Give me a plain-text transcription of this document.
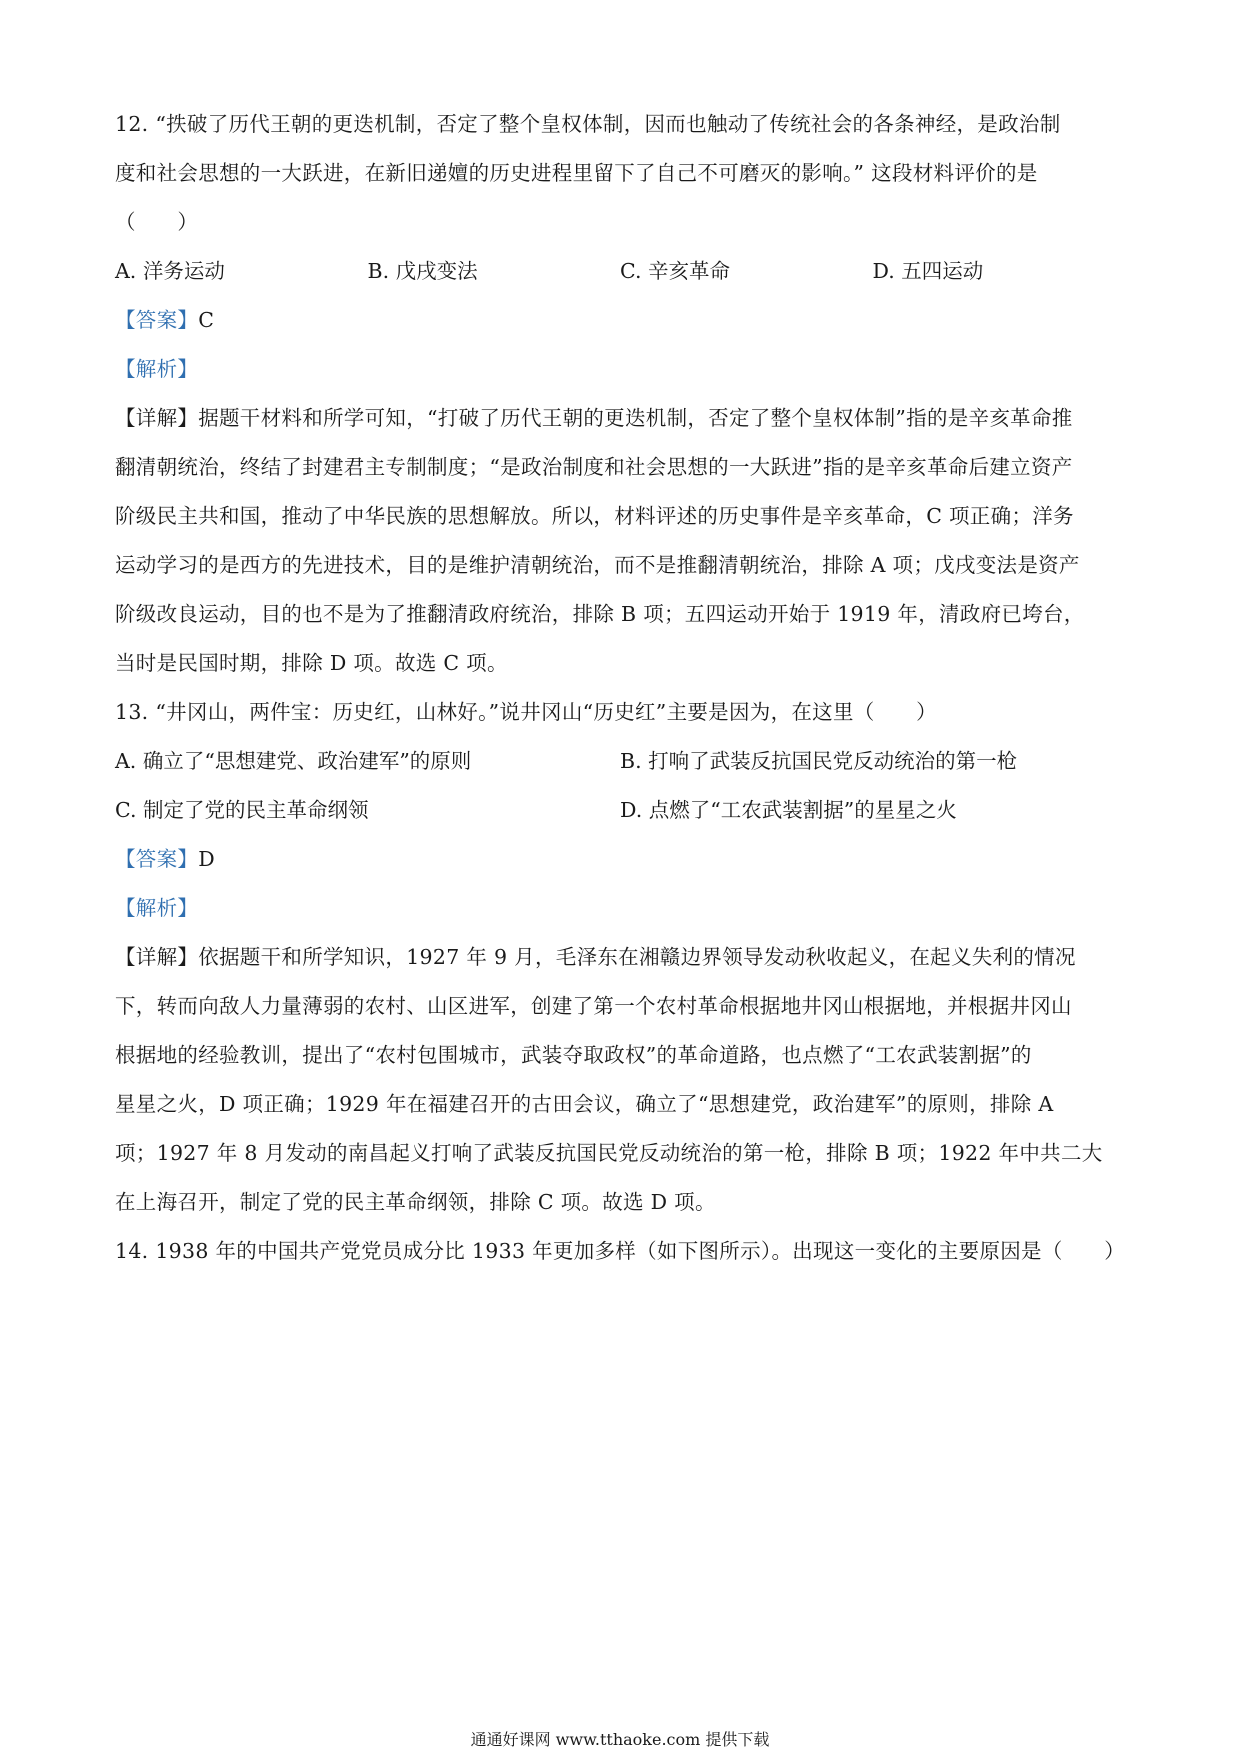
12. “抶破了历代王朝的更迭机制，否定了整个皇权体制，因而也触动了传统社会的各条神经，是政治制
度和社会思想的一大跃进，在新旧递嬗的历史进程里留下了自己不可磨灭的影响。” 这段材料评价的是
（　　）
A. 洋务运动	B. 戊戌变法	C. 辛亥革命	D. 五四运动
【答案】C
【解析】
【详解】据题干材料和所学可知，“打破了历代王朝的更迭机制，否定了整个皇权体制”指的是辛亥革命推
翻清朝统治，终结了封建君主专制制度；“是政治制度和社会思想的一大跃进”指的是辛亥革命后建立资产
阶级民主共和国，推动了中华民族的思想解放。所以，材料评述的历史事件是辛亥革命，C 项正确；洋务
运动学习的是西方的先进技术，目的是维护清朝统治，而不是推翻清朝统治，排除 A 项；戊戌变法是资产
阶级改良运动，目的也不是为了推翻清政府统治，排除 B 项；五四运动开始于 1919 年，清政府已垮台，
当时是民国时期，排除 D 项。故选 C 项。
13. “井冈山，两件宝：历史红，山林好。”说井冈山“历史红”主要是因为，在这里（　　）
A. 确立了“思想建党、政治建军”的原则	B. 打响了武装反抗国民党反动统治的第一枪
C. 制定了党的民主革命纲领	D. 点燃了“工农武装割据”的星星之火
【答案】D
【解析】
【详解】依据题干和所学知识，1927 年 9 月，毛泽东在湘赣边界领导发动秋收起义，在起义失利的情况
下，转而向敌人力量薄弱的农村、山区进军，创建了第一个农村革命根据地井冈山根据地，并根据井冈山
根据地的经验教训，提出了“农村包围城市，武装夺取政权”的革命道路，也点燃了“工农武装割据”的
星星之火，D 项正确；1929 年在福建召开的古田会议，确立了“思想建党，政治建军”的原则，排除 A
项；1927 年 8 月发动的南昌起义打响了武装反抗国民党反动统治的第一枪，排除 B 项；1922 年中共二大
在上海召开，制定了党的民主革命纲领，排除 C 项。故选 D 项。
14. 1938 年的中国共产党党员成分比 1933 年更加多样（如下图所示）。出现这一变化的主要原因是（　　）
通通好课网 www.tthaoke.com 提供下载
